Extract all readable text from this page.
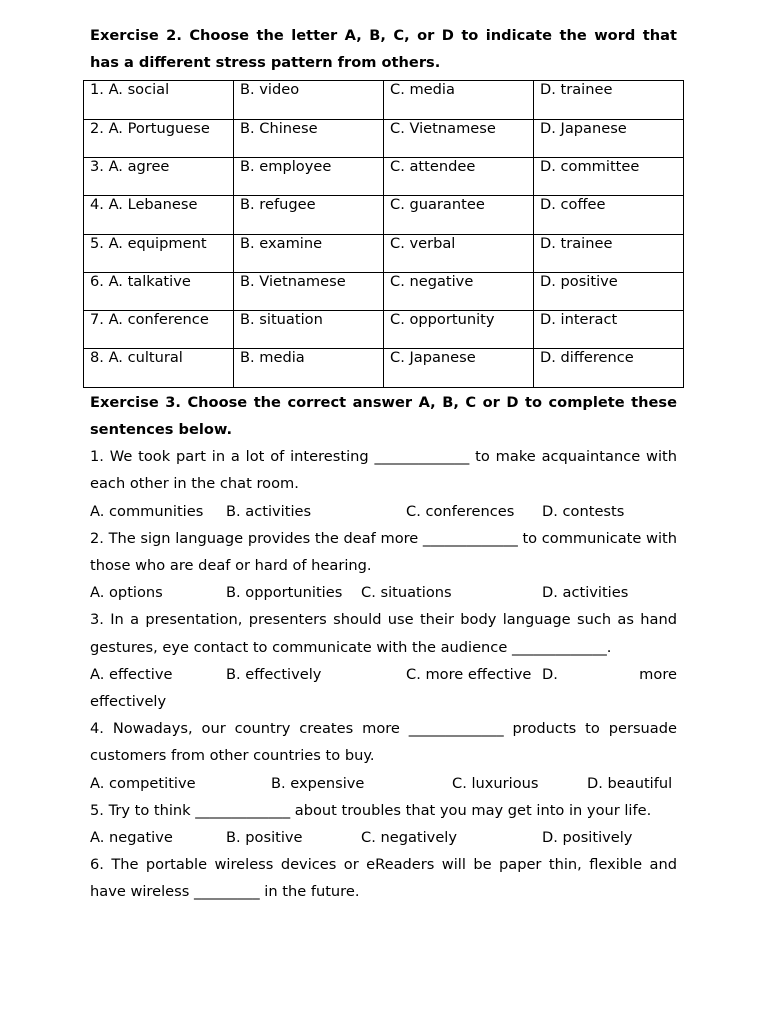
Exercise 2. Choose the letter A, B, C, or D to indicate the word that has a different stress pattern from others.

1. A. social	B. video	C. media	D. trainee
2. A. Portuguese	B. Chinese	C. Vietnamese	D. Japanese
3. A. agree	B. employee	C. attendee	D. committee
4. A. Lebanese	B. refugee	C. guarantee	D. coffee
5. A. equipment	B. examine	C. verbal	D. trainee
6. A. talkative	B. Vietnamese	C. negative	D. positive
7. A. conference	B. situation	C. opportunity	D. interact
8. A. cultural	B. media	C. Japanese	D. difference

Exercise 3. Choose the correct answer A, B, C or D to complete these sentences below.

1. We took part in a lot of interesting _____________ to make acquaintance with each other in the chat room.

A. communities B. activities	C. conferences D. contests

2. The sign language provides the deaf more _____________ to communicate with those who are deaf or hard of hearing.

A. options	B. opportunities C. situations	D. activities

3. In a presentation, presenters should use their body language such as hand gestures, eye contact to communicate with the audience _____________.

A. effective	B. effectively	C. more effective D. more
effectively

4. Nowadays, our country creates more _____________ products to persuade customers from other countries to buy.

A. competitive	B. expensive	C. luxurious	D. beautiful

5. Try to think _____________ about troubles that you may get into in your life.

A. negative	B. positive	C. negatively	D. positively

6. The portable wireless devices or eReaders will be paper thin, flexible and have wireless _________ in the future.
